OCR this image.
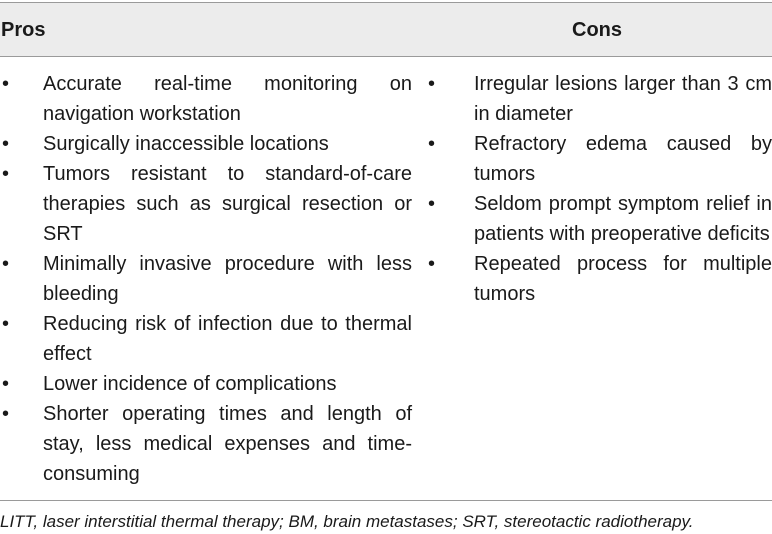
Pros	Cons
• Accurate real-time monitoring on navigation workstation
• Surgically inaccessible locations
• Tumors resistant to standard-of-care therapies such as surgical resection or SRT
• Minimally invasive procedure with less bleeding
• Reducing risk of infection due to thermal effect
• Lower incidence of complications
• Shorter operating times and length of stay, less medical expenses and time-consuming
• Irregular lesions larger than 3 cm in diameter
• Refractory edema caused by tumors
• Seldom prompt symptom relief in patients with preoperative deficits
• Repeated process for multiple tumors
LITT, laser interstitial thermal therapy; BM, brain metastases; SRT, stereotactic radiotherapy.
